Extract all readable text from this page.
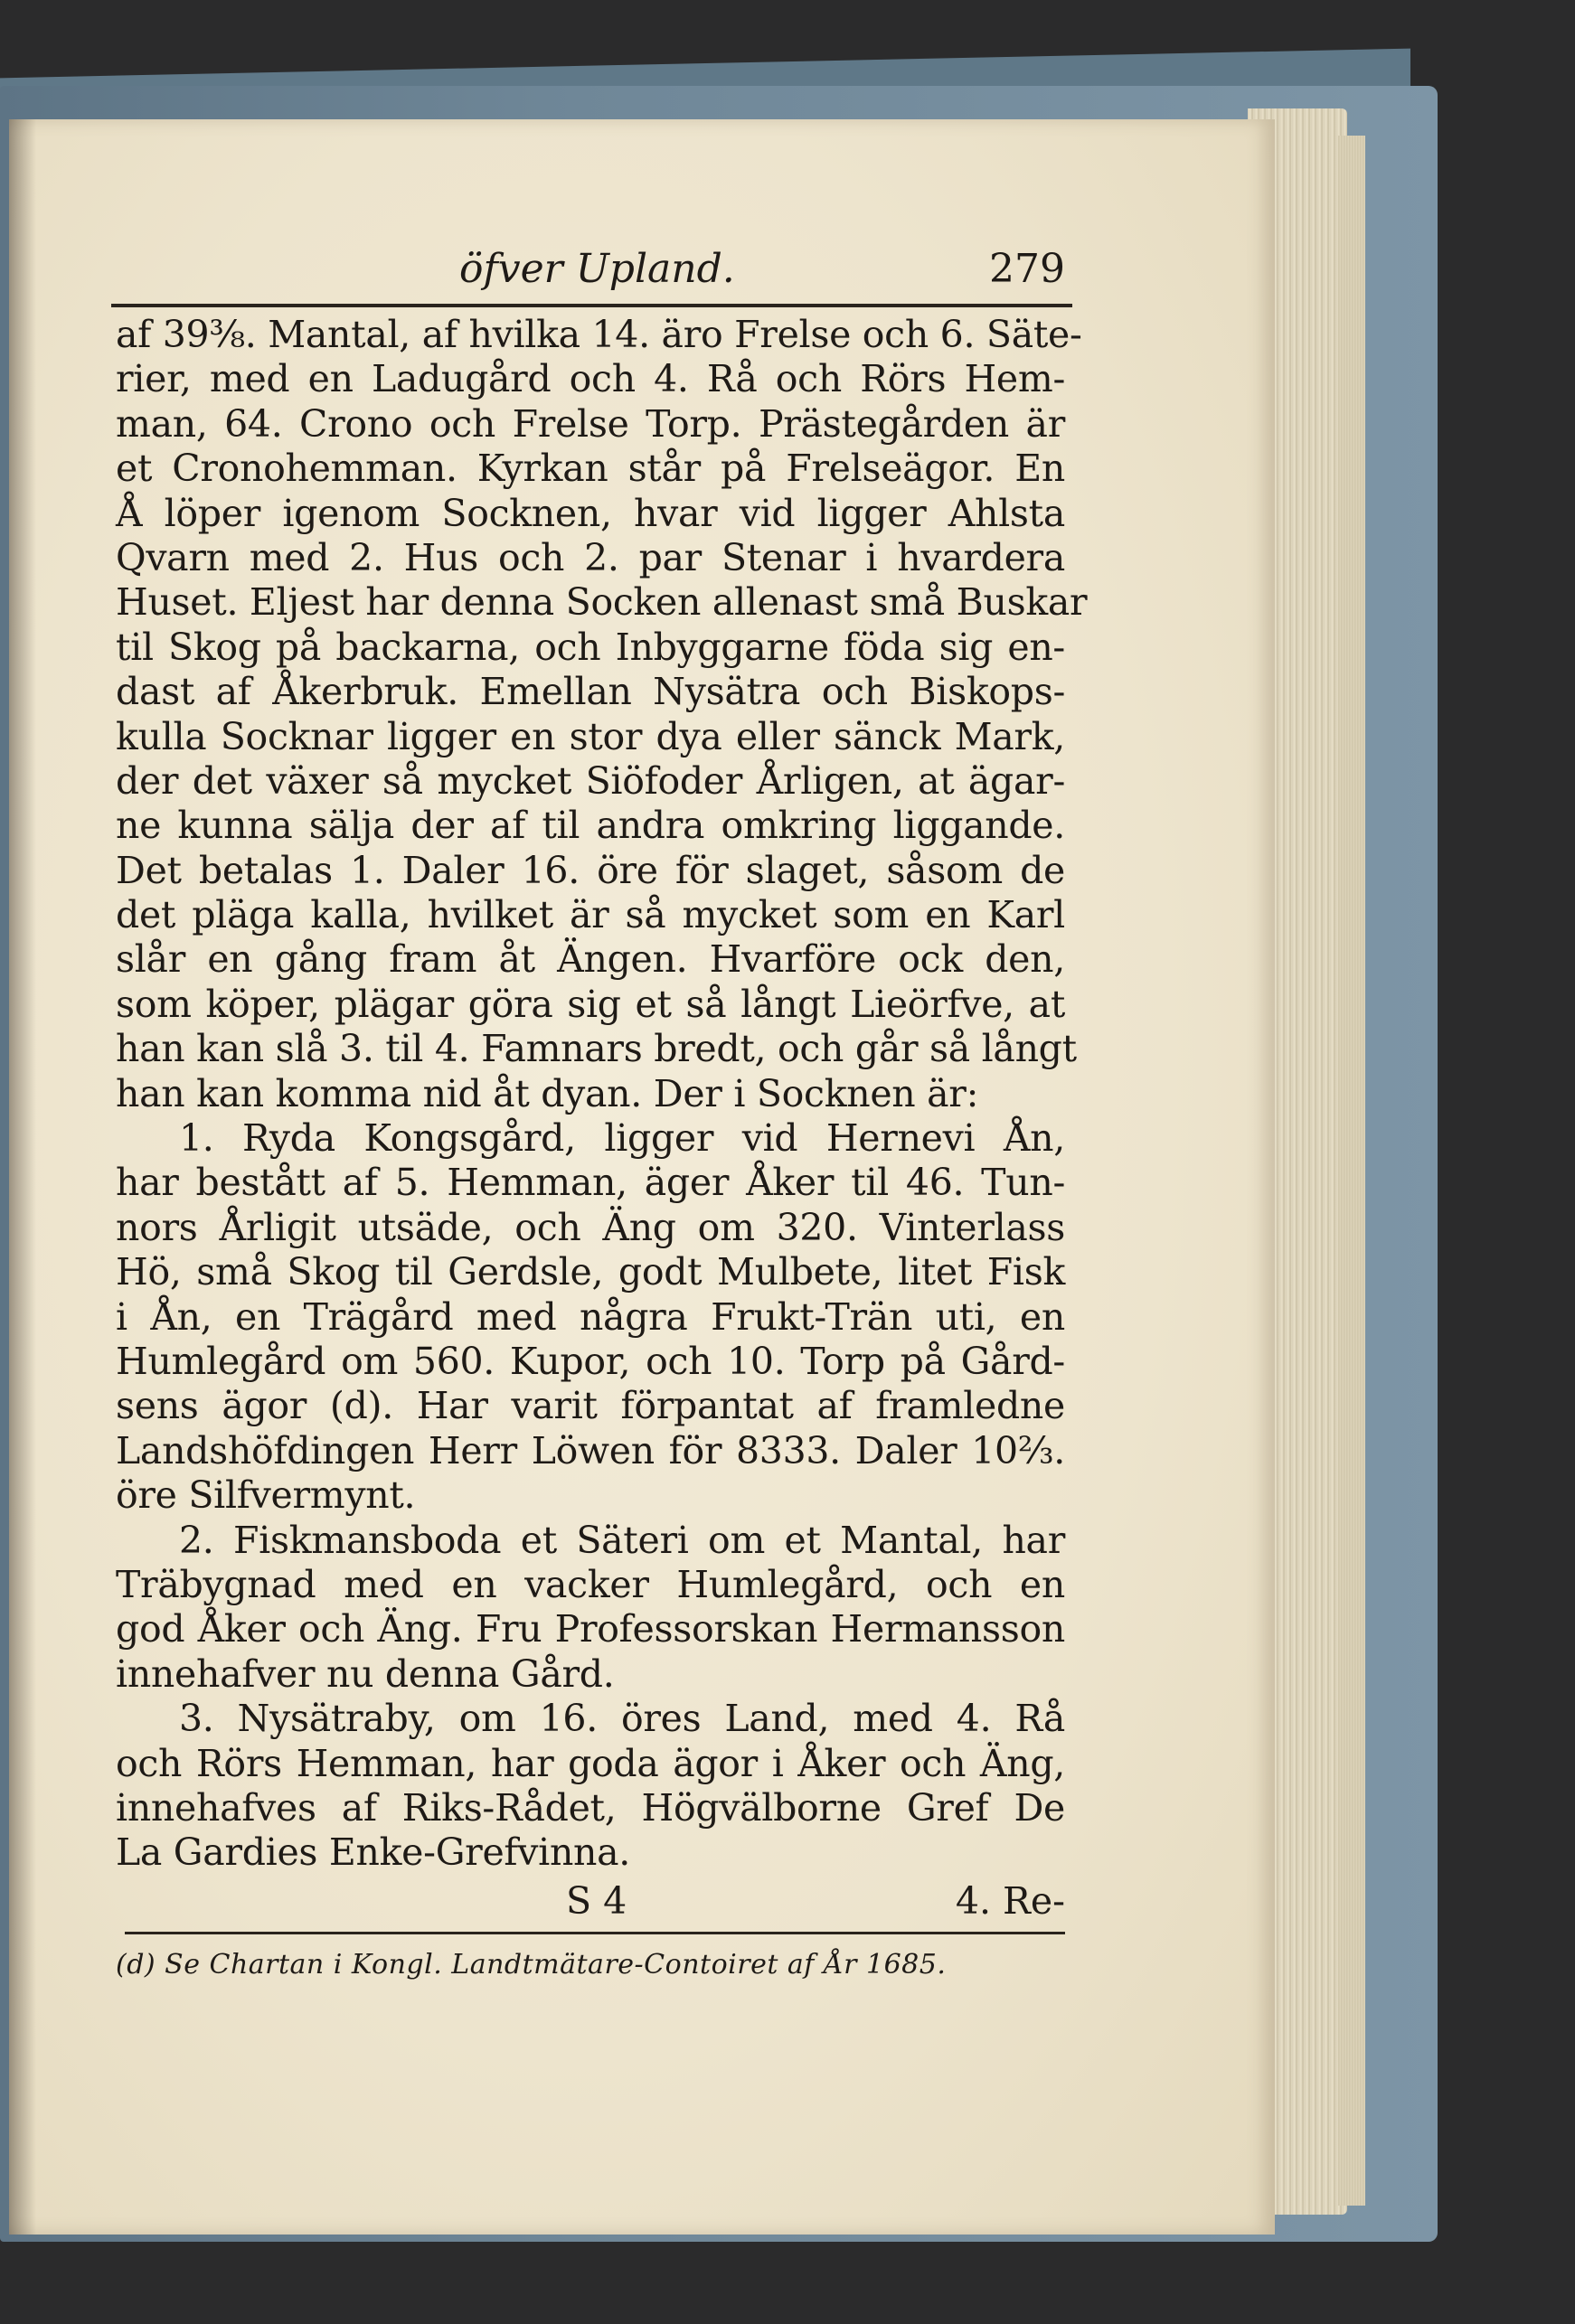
öfver Upland.	279
af 39⅜. Mantal, af hvilka 14. äro Frelse och 6. Säte-
rier, med en Ladugård och 4. Rå och Rörs Hem-
man, 64. Crono och Frelse Torp. Prästegården är
et Cronohemman. Kyrkan står på Frelseägor. En
Å löper igenom Socknen, hvar vid ligger Ahlsta
Qvarn med 2. Hus och 2. par Stenar i hvardera
Huset. Eljest har denna Socken allenast små Buskar
til Skog på backarna, och Inbyggarne föda sig en-
dast af Åkerbruk. Emellan Nysätra och Biskops-
kulla Socknar ligger en stor dya eller sänck Mark,
der det växer så mycket Siöfoder Årligen, at ägar-
ne kunna sälja der af til andra omkring liggande.
Det betalas 1. Daler 16. öre för slaget, såsom de
det pläga kalla, hvilket är så mycket som en Karl
slår en gång fram åt Ängen. Hvarföre ock den,
som köper, plägar göra sig et så långt Lieörfve, at
han kan slå 3. til 4. Famnars bredt, och går så långt
han kan komma nid åt dyan. Der i Socknen är:
1. Ryda Kongsgård, ligger vid Hernevi Ån,
har bestått af 5. Hemman, äger Åker til 46. Tun-
nors Årligit utsäde, och Äng om 320. Vinterlass
Hö, små Skog til Gerdsle, godt Mulbete, litet Fisk
i Ån, en Trägård med några Frukt-Trän uti, en
Humlegård om 560. Kupor, och 10. Torp på Gård-
sens ägor (d). Har varit förpantat af framledne
Landshöfdingen Herr Löwen för 8333. Daler 10⅔.
öre Silfvermynt.
2. Fiskmansboda et Säteri om et Mantal, har
Träbygnad med en vacker Humlegård, och en
god Åker och Äng. Fru Professorskan Hermansson
innehafver nu denna Gård.
3. Nysätraby, om 16. öres Land, med 4. Rå
och Rörs Hemman, har goda ägor i Åker och Äng,
innehafves af Riks-Rådet, Högvälborne Gref De
La Gardies Enke-Grefvinna.
S 4	4. Re-
(d) Se Chartan i Kongl. Landtmätare-Contoiret af År 1685.
